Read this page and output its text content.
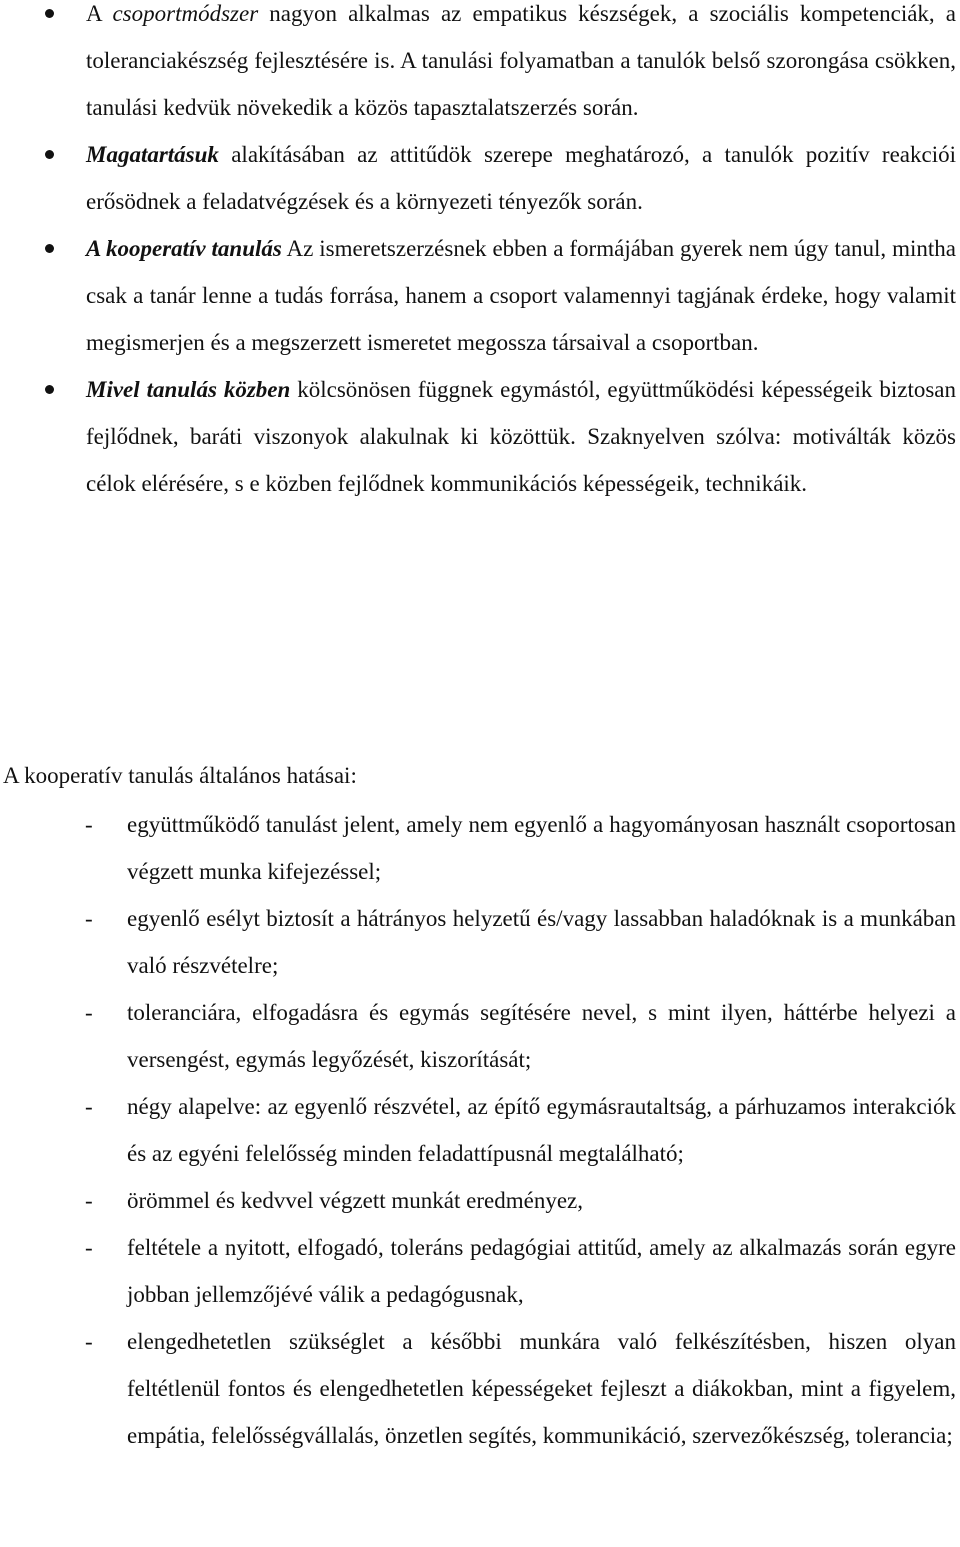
A csoportmódszer nagyon alkalmas az empatikus készségek, a szociális kompetenciák, a toleranciakészség fejlesztésére is. A tanulási folyamatban a tanulók belső szorongása csökken, tanulási kedvük növekedik a közös tapasztalatszerzés során.
Magatartásuk alakításában az attitűdök szerepe meghatározó, a tanulók pozitív reakciói erősödnek a feladatvégzések és a környezeti tényezők során.
A kooperatív tanulás Az ismeretszerzésnek ebben a formájában gyerek nem úgy tanul, mintha csak a tanár lenne a tudás forrása, hanem a csoport valamennyi tagjának érdeke, hogy valamit megismerjen és a megszerzett ismeretet megossza társaival a csoportban.
Mivel tanulás közben kölcsönösen függnek egymástól, együttműködési képességeik biztosan fejlődnek, baráti viszonyok alakulnak ki közöttük. Szaknyelven szólva: motiválták közös célok elérésére, s e közben fejlődnek kommunikációs képességeik, technikáik.

A kooperatív tanulás általános hatásai:

- együttműködő tanulást jelent, amely nem egyenlő a hagyományosan használt csoportosan végzett munka kifejezéssel;
- egyenlő esélyt biztosít a hátrányos helyzetű és/vagy lassabban haladóknak is a munkában való részvételre;
- toleranciára, elfogadásra és egymás segítésére nevel, s mint ilyen, háttérbe helyezi a versengést, egymás legyőzését, kiszorítását;
- négy alapelve: az egyenlő részvétel, az építő egymásrautaltság, a párhuzamos interakciók és az egyéni felelősség minden feladattípusnál megtalálható;
- örömmel és kedvvel végzett munkát eredményez,
- feltétele a nyitott, elfogadó, toleráns pedagógiai attitűd, amely az alkalmazás során egyre jobban jellemzőjévé válik a pedagógusnak,
- elengedhetetlen szükséglet a későbbi munkára való felkészítésben, hiszen olyan feltétlenül fontos és elengedhetetlen képességeket fejleszt a diákokban, mint a figyelem, empátia, felelősségvállalás, önzetlen segítés, kommunikáció, szervezőkészség, tolerancia;
